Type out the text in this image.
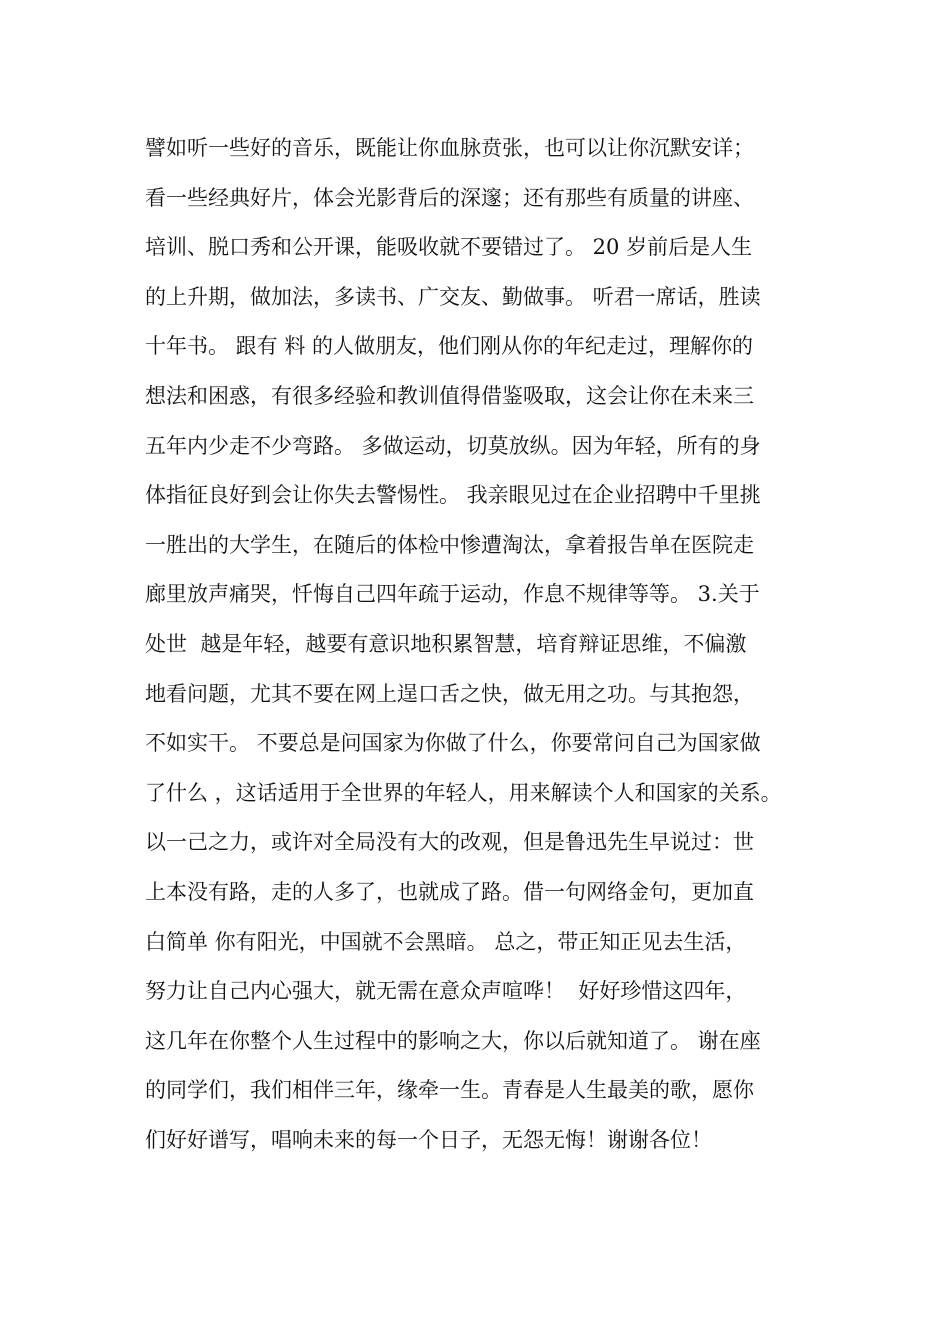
譬如听一些好的音乐，既能让你血脉贲张，也可以让你沉默安详；
看一些经典好片，体会光影背后的深邃；还有那些有质量的讲座、
培训、脱口秀和公开课，能吸收就不要错过了。 20 岁前后是人生
的上升期，做加法，多读书、广交友、勤做事。 听君一席话，胜读
十年书。 跟有 料 的人做朋友，他们刚从你的年纪走过，理解你的
想法和困惑，有很多经验和教训值得借鉴吸取，这会让你在未来三
五年内少走不少弯路。 多做运动，切莫放纵。因为年轻，所有的身
体指征良好到会让你失去警惕性。 我亲眼见过在企业招聘中千里挑
一胜出的大学生，在随后的体检中惨遭淘汰，拿着报告单在医院走
廊里放声痛哭，忏悔自己四年疏于运动，作息不规律等等。 3.关于
处世  越是年轻，越要有意识地积累智慧，培育辩证思维，不偏激
地看问题，尤其不要在网上逞口舌之快，做无用之功。与其抱怨，
不如实干。 不要总是问国家为你做了什么，你要常问自己为国家做
了什么 ，这话适用于全世界的年轻人，用来解读个人和国家的关系。
以一己之力，或许对全局没有大的改观，但是鲁迅先生早说过：世
上本没有路，走的人多了，也就成了路。借一句网络金句，更加直
白简单 你有阳光，中国就不会黑暗。 总之，带正知正见去生活，
努力让自己内心强大，就无需在意众声喧哗！  好好珍惜这四年，
这几年在你整个人生过程中的影响之大，你以后就知道了。 谢在座
的同学们，我们相伴三年，缘牵一生。青春是人生最美的歌，愿你
们好好谱写，唱响未来的每一个日子，无怨无悔！谢谢各位！
